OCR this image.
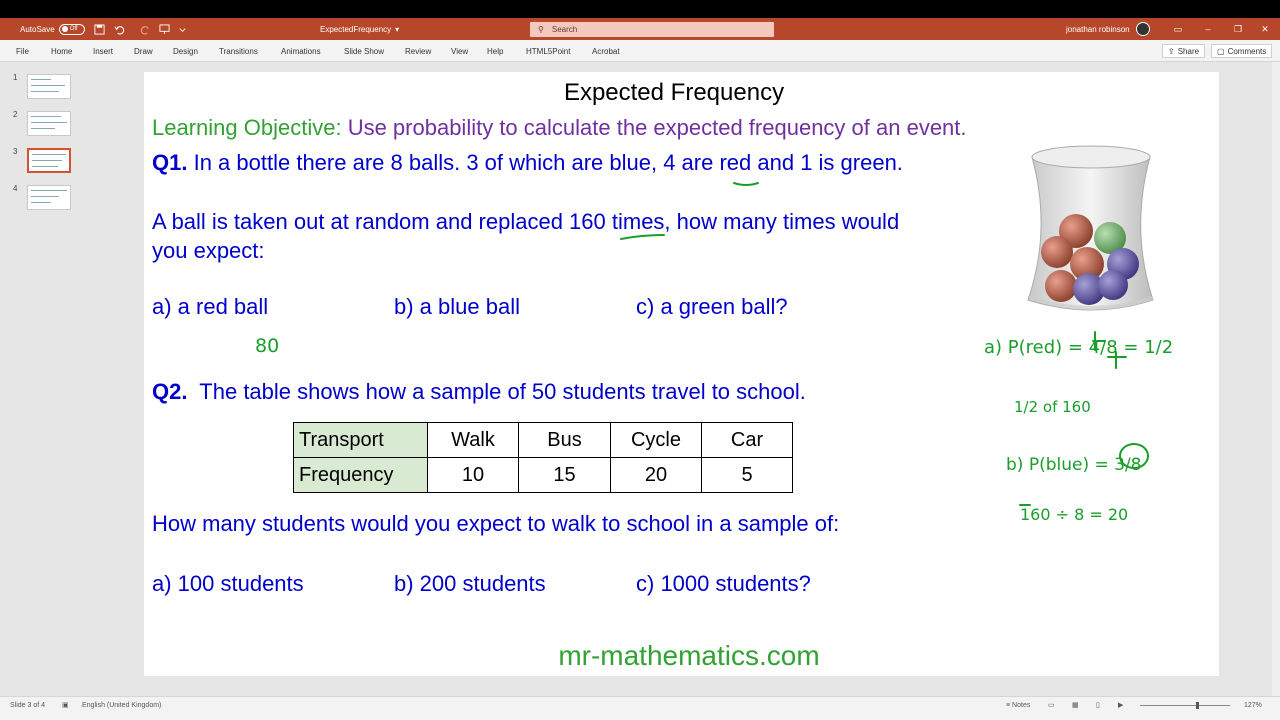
AutoSave	Off	ExpectedFrequency ▾	⚲ Search	jonathan robinson	▭	–	❐	✕
File	Home	Insert	Draw	Design	Transitions	Animations	Slide Show	Review View Help	HTML5Point	Acrobat	⇪ Share ▢ Comments
1
2
3
4
Expected Frequency
Learning Objective: Use probability to calculate the expected frequency of an event.
Q1. In a bottle there are 8 balls. 3 of which are blue, 4 are red and 1 is green.
A ball is taken out at random and replaced 160 times, how many times would
you expect:
a) a red ball	b) a blue ball	c) a green ball?
Q2. The table shows how a sample of 50 students travel to school.
Transport	Walk	Bus	Cycle	Car
Frequency	10	15	20	5
How many students would you expect to walk to school in a sample of:
a) 100 students	b) 200 students	c) 1000 students?
mr-mathematics.com
80	a) P(red) = 4/8 = 1/2
1/2 of 160
b) P(blue) = 3/8
160 ÷ 8 = 20
Slide 3 of 4 ▣ English (United Kingdom)	≡
Notes	▭ ▦ ▯	▶	127%
